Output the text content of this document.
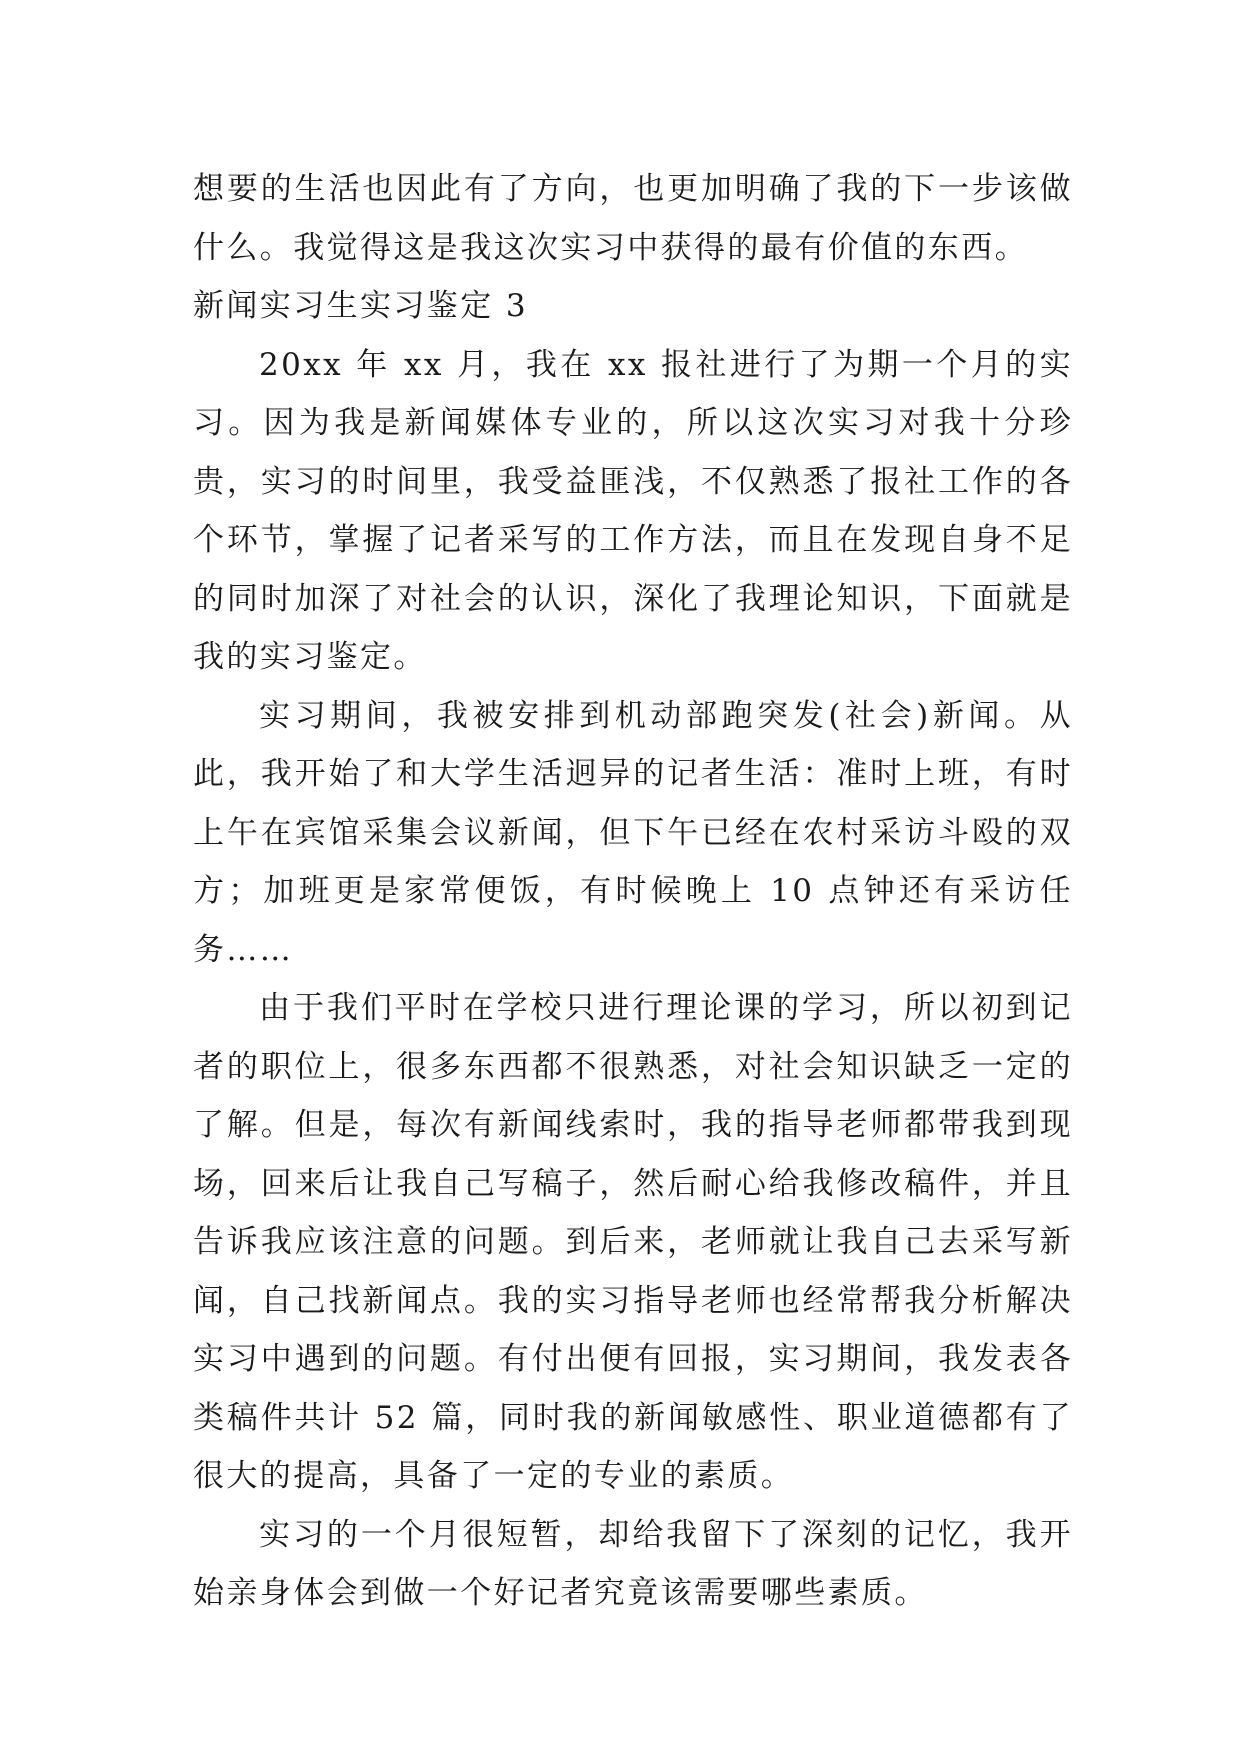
想要的生活也因此有了方向，也更加明确了我的下一步该做什么。我觉得这是我这次实习中获得的最有价值的东西。

新闻实习生实习鉴定 3

20xx 年 xx 月，我在 xx 报社进行了为期一个月的实习。因为我是新闻媒体专业的，所以这次实习对我十分珍贵，实习的时间里，我受益匪浅，不仅熟悉了报社工作的各个环节，掌握了记者采写的工作方法，而且在发现自身不足的同时加深了对社会的认识，深化了我理论知识，下面就是我的实习鉴定。

实习期间，我被安排到机动部跑突发(社会)新闻。从此，我开始了和大学生活迥异的记者生活：准时上班，有时上午在宾馆采集会议新闻，但下午已经在农村采访斗殴的双方；加班更是家常便饭，有时候晚上 10 点钟还有采访任务……

由于我们平时在学校只进行理论课的学习，所以初到记者的职位上，很多东西都不很熟悉，对社会知识缺乏一定的了解。但是，每次有新闻线索时，我的指导老师都带我到现场，回来后让我自己写稿子，然后耐心给我修改稿件，并且告诉我应该注意的问题。到后来，老师就让我自己去采写新闻，自己找新闻点。我的实习指导老师也经常帮我分析解决实习中遇到的问题。有付出便有回报，实习期间，我发表各类稿件共计 52 篇，同时我的新闻敏感性、职业道德都有了很大的提高，具备了一定的专业的素质。

实习的一个月很短暂，却给我留下了深刻的记忆，我开始亲身体会到做一个好记者究竟该需要哪些素质。
